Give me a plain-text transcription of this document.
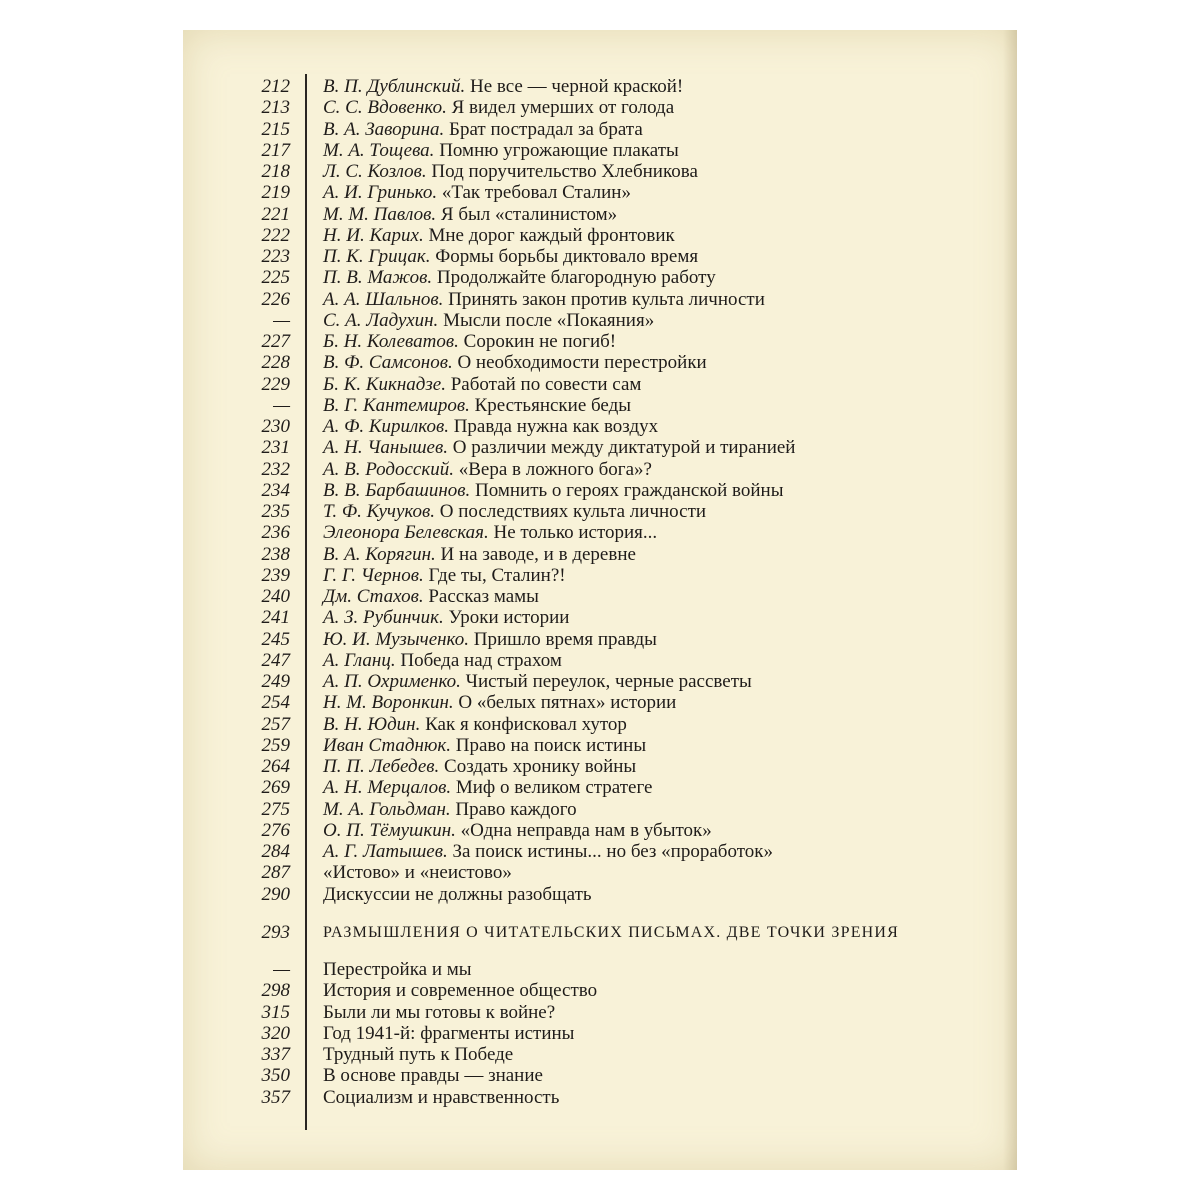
212 В. П. Дублинский. Не все — черной краской!
213 С. С. Вдовенко. Я видел умерших от голода
215 В. А. Заворина. Брат пострадал за брата
217 М. А. Тощева. Помню угрожающие плакаты
218 Л. С. Козлов. Под поручительство Хлебникова
219 А. И. Гринько. «Так требовал Сталин»
221 М. М. Павлов. Я был «сталинистом»
222 Н. И. Карих. Мне дорог каждый фронтовик
223 П. К. Грицак. Формы борьбы диктовало время
225 П. В. Мажов. Продолжайте благородную работу
226 А. А. Шальнов. Принять закон против культа личности
— С. А. Ладухин. Мысли после «Покаяния»
227 Б. Н. Колеватов. Сорокин не погиб!
228 В. Ф. Самсонов. О необходимости перестройки
229 Б. К. Кикнадзе. Работай по совести сам
— В. Г. Кантемиров. Крестьянские беды
230 А. Ф. Кирилков. Правда нужна как воздух
231 А. Н. Чанышев. О различии между диктатурой и тиранией
232 А. В. Родосский. «Вера в ложного бога»?
234 В. В. Барбашинов. Помнить о героях гражданской войны
235 Т. Ф. Кучуков. О последствиях культа личности
236 Элеонора Белевская. Не только история...
238 В. А. Корягин. И на заводе, и в деревне
239 Г. Г. Чернов. Где ты, Сталин?!
240 Дм. Стахов. Рассказ мамы
241 А. З. Рубинчик. Уроки истории
245 Ю. И. Музыченко. Пришло время правды
247 А. Гланц. Победа над страхом
249 А. П. Охрименко. Чистый переулок, черные рассветы
254 Н. М. Воронкин. О «белых пятнах» истории
257 В. Н. Юдин. Как я конфисковал хутор
259 Иван Стаднюк. Право на поиск истины
264 П. П. Лебедев. Создать хронику войны
269 А. Н. Мерцалов. Миф о великом стратеге
275 М. А. Гольдман. Право каждого
276 О. П. Тёмушкин. «Одна неправда нам в убыток»
284 А. Г. Латышев. За поиск истины... но без «проработок»
287 «Истово» и «неистово»
290 Дискуссии не должны разобщать
293 РАЗМЫШЛЕНИЯ О ЧИТАТЕЛЬСКИХ ПИСЬМАХ. ДВЕ ТОЧКИ ЗРЕНИЯ
— Перестройка и мы
298 История и современное общество
315 Были ли мы готовы к войне?
320 Год 1941-й: фрагменты истины
337 Трудный путь к Победе
350 В основе правды — знание
357 Социализм и нравственность
